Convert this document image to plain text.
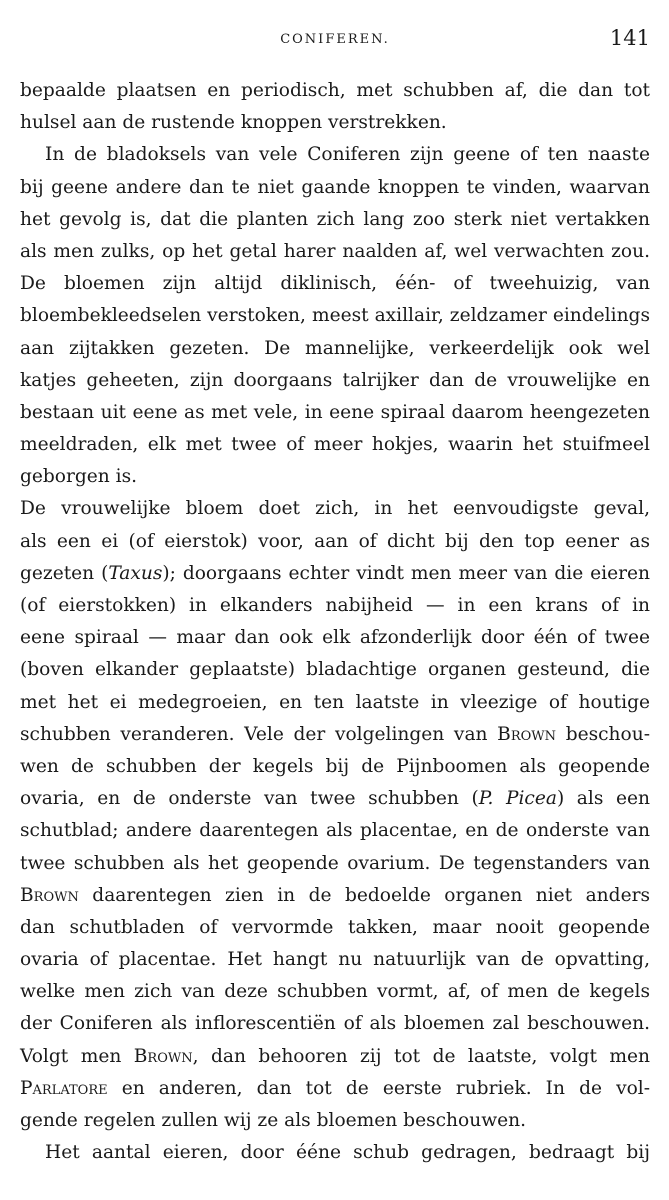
CONIFEREN.	141
bepaalde plaatsen en periodisch, met schubben af, die dan tot
hulsel aan de rustende knoppen verstrekken.
In de bladoksels van vele Coniferen zijn geene of ten naaste
bij geene andere dan te niet gaande knoppen te vinden, waarvan
het gevolg is, dat die planten zich lang zoo sterk niet vertakken
als men zulks, op het getal harer naalden af, wel verwachten zou.
De bloemen zijn altijd diklinisch, één- of tweehuizig, van
bloembekleedselen verstoken, meest axillair, zeldzamer eindelings
aan zijtakken gezeten. De mannelijke, verkeerdelijk ook wel
katjes geheeten, zijn doorgaans talrijker dan de vrouwelijke en
bestaan uit eene as met vele, in eene spiraal daarom heengezeten
meeldraden, elk met twee of meer hokjes, waarin het stuifmeel
geborgen is.
De vrouwelijke bloem doet zich, in het eenvoudigste geval,
als een ei (of eierstok) voor, aan of dicht bij den top eener as
gezeten (Taxus); doorgaans echter vindt men meer van die eieren
(of eierstokken) in elkanders nabijheid — in een krans of in
eene spiraal — maar dan ook elk afzonderlijk door één of twee
(boven elkander geplaatste) bladachtige organen gesteund, die
met het ei medegroeien, en ten laatste in vleezige of houtige
schubben veranderen. Vele der volgelingen van Brown beschou-
wen de schubben der kegels bij de Pijnboomen als geopende
ovaria, en de onderste van twee schubben (P. Picea) als een
schutblad; andere daarentegen als placentae, en de onderste van
twee schubben als het geopende ovarium. De tegenstanders van
Brown daarentegen zien in de bedoelde organen niet anders
dan schutbladen of vervormde takken, maar nooit geopende
ovaria of placentae. Het hangt nu natuurlijk van de opvatting,
welke men zich van deze schubben vormt, af, of men de kegels
der Coniferen als inflorescentiën of als bloemen zal beschouwen.
Volgt men Brown, dan behooren zij tot de laatste, volgt men
Parlatore en anderen, dan tot de eerste rubriek. In de vol-
gende regelen zullen wij ze als bloemen beschouwen.
Het aantal eieren, door ééne schub gedragen, bedraagt bij
